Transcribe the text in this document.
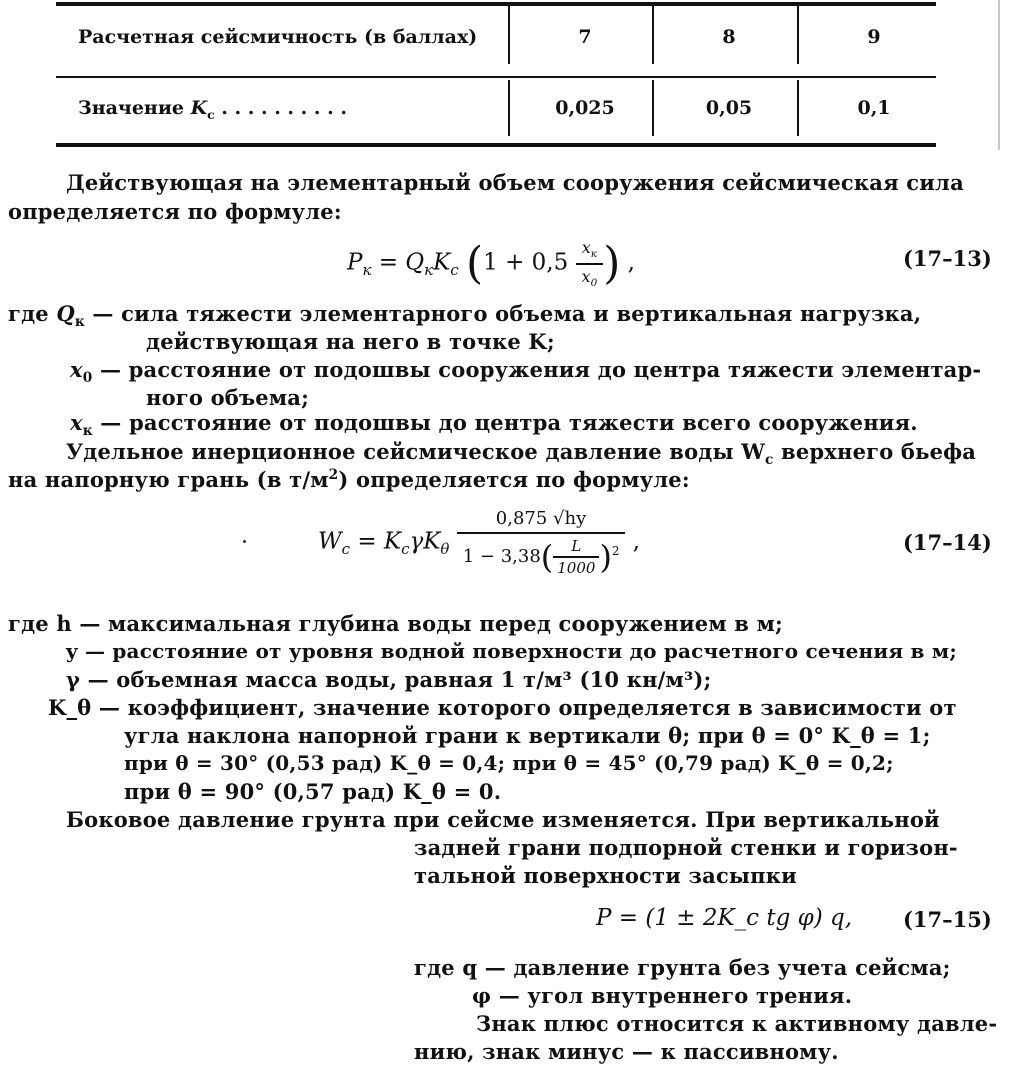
Расчетная сейсмичность (в баллах)	7	8	9
Значение $K_c$ . . . . . . . . . .	0,025	0,05	0,1
Действующая на элементарный объем сооружения сейсмическая сила
определяется по формуле:
$P_к = Q_кK_c$ ($1 + 0,5 \frac{x_к}{x_0}$ ) ,	(17–13)
где $Q_к$ — сила тяжести элементарного объема и вертикальная нагрузка,
действующая на него в точке K;
$x_0$ — расстояние от подошвы сооружения до центра тяжести элементар-
ного объема;
$x_к$ — расстояние от подошвы до центра тяжести всего сооружения.
Удельное инерционное сейсмическое давление воды $W_c$ верхнего бьефа
на напорную грань (в $т/м^2$) определяется по формуле:
$W_c = K_c\gamma K_\theta \frac{0,875 √hy}{1 - 3,38( \frac{L}{1000} )^2}$ ,	(17–14)
где h — максимальная глубина воды перед сооружением в м;
y — расстояние от уровня водной поверхности до расчетного сечения в м;
γ — объемная масса воды, равная 1 т/м³ (10 кн/м³);
K_θ — коэффициент, значение которого определяется в зависимости от
угла наклона напорной грани к вертикали θ; при θ = 0° K_θ = 1;
при θ = 30° (0,53 рад) K_θ = 0,4; при θ = 45° (0,79 рад) K_θ = 0,2;
при θ = 90° (0,57 рад) K_θ = 0.
Боковое давление грунта при сейсме изменяется. При вертикальной
задней грани подпорной стенки и горизон-
тальной поверхности засыпки
P = (1 ± 2K_c tg φ) q, (17–15)
где q — давление грунта без учета сейсма;
φ — угол внутреннего трения.
Знак плюс относится к активному давле-
нию, знак минус — к пассивному.
